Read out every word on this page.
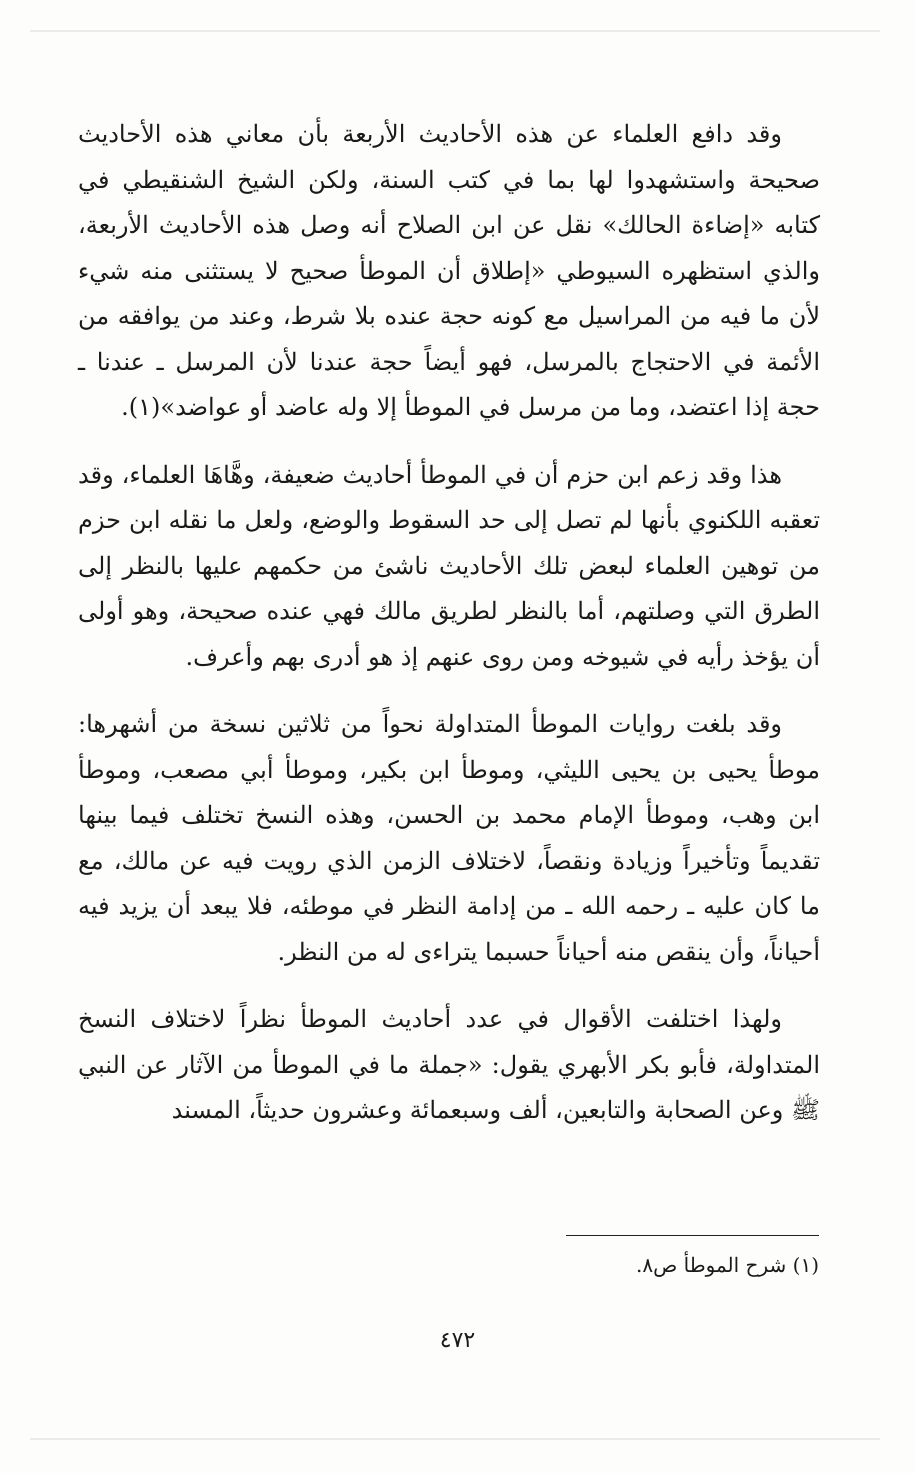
وقد دافع العلماء عن هذه الأحاديث الأربعة بأن معاني هذه الأحاديث صحيحة واستشهدوا لها بما في كتب السنة، ولكن الشيخ الشنقيطي في كتابه «إضاءة الحالك» نقل عن ابن الصلاح أنه وصل هذه الأحاديث الأربعة، والذي استظهره السيوطي «إطلاق أن الموطأ صحيح لا يستثنى منه شيء لأن ما فيه من المراسيل مع كونه حجة عنده بلا شرط، وعند من يوافقه من الأئمة في الاحتجاج بالمرسل، فهو أيضاً حجة عندنا لأن المرسل ـ عندنا ـ حجة إذا اعتضد، وما من مرسل في الموطأ إلا وله عاضد أو عواضد»(١).

هذا وقد زعم ابن حزم أن في الموطأ أحاديث ضعيفة، وهَّاهَا العلماء، وقد تعقبه اللكنوي بأنها لم تصل إلى حد السقوط والوضع، ولعل ما نقله ابن حزم من توهين العلماء لبعض تلك الأحاديث ناشئ من حكمهم عليها بالنظر إلى الطرق التي وصلتهم، أما بالنظر لطريق مالك فهي عنده صحيحة، وهو أولى أن يؤخذ رأيه في شيوخه ومن روى عنهم إذ هو أدرى بهم وأعرف.

وقد بلغت روايات الموطأ المتداولة نحواً من ثلاثين نسخة من أشهرها: موطأ يحيى بن يحيى الليثي، وموطأ ابن بكير، وموطأ أبي مصعب، وموطأ ابن وهب، وموطأ الإمام محمد بن الحسن، وهذه النسخ تختلف فيما بينها تقديماً وتأخيراً وزيادة ونقصاً، لاختلاف الزمن الذي رويت فيه عن مالك، مع ما كان عليه ـ رحمه الله ـ من إدامة النظر في موطئه، فلا يبعد أن يزيد فيه أحياناً، وأن ينقص منه أحياناً حسبما يتراءى له من النظر.

ولهذا اختلفت الأقوال في عدد أحاديث الموطأ نظراً لاختلاف النسخ المتداولة، فأبو بكر الأبهري يقول: «جملة ما في الموطأ من الآثار عن النبي ﷺ وعن الصحابة والتابعين، ألف وسبعمائة وعشرون حديثاً، المسند

(١) شرح الموطأ ص٨.
٤٧٢
